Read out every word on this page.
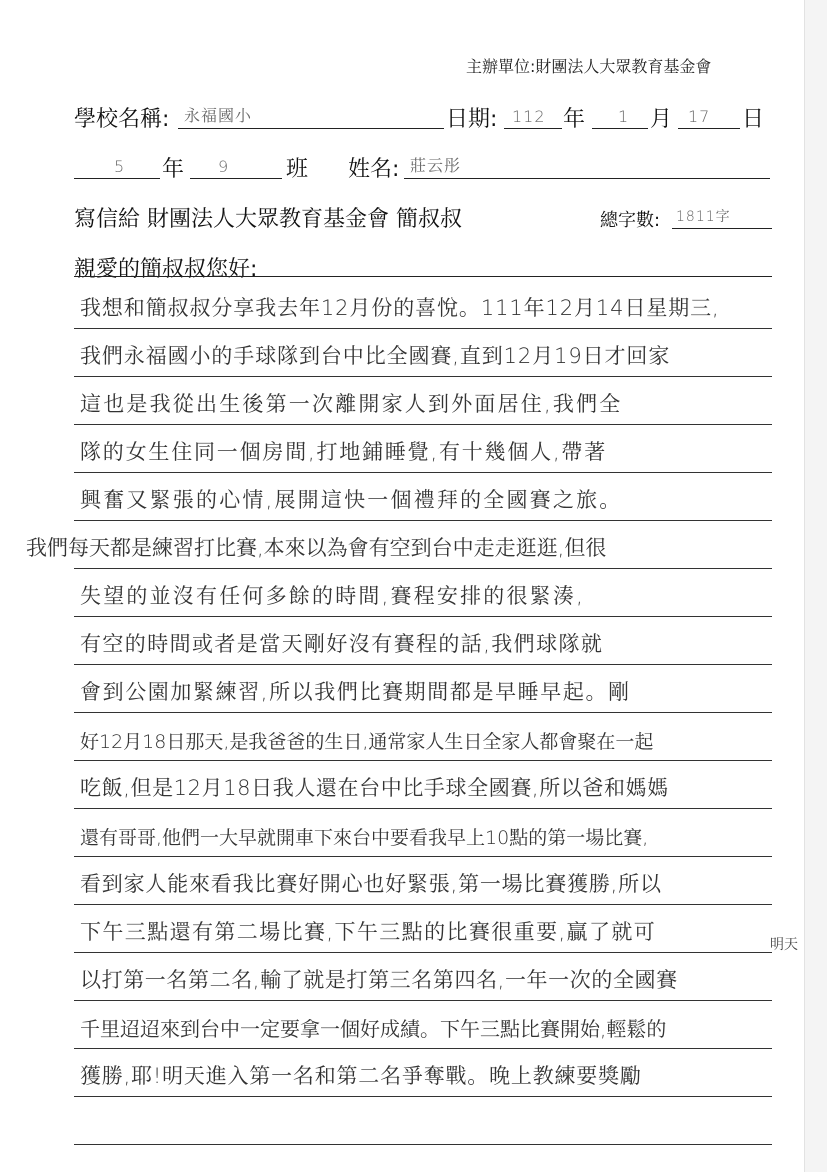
主辦單位:財團法人大眾教育基金會
學校名稱: 永福國小	日期: 112 年 1 月 17 日
5 年 9	班 姓名: 莊云彤
寫信給 財團法人大眾教育基金會 簡叔叔	總字數: 1811字
親愛的簡叔叔您好:
我想和簡叔叔分享我去年12月份的喜悅。111年12月14日星期三,
我們永福國小的手球隊到台中比全國賽,直到12月19日才回家
這也是我從出生後第一次離開家人到外面居住,我們全
隊的女生住同一個房間,打地鋪睡覺,有十幾個人,帶著
興奮又緊張的心情,展開這快一個禮拜的全國賽之旅。
我們每天都是練習打比賽,本來以為會有空到台中走走逛逛,但很
失望的並沒有任何多餘的時間,賽程安排的很緊湊,
有空的時間或者是當天剛好沒有賽程的話,我們球隊就
會到公園加緊練習,所以我們比賽期間都是早睡早起。剛
好12月18日那天,是我爸爸的生日,通常家人生日全家人都會聚在一起
吃飯,但是12月18日我人還在台中比手球全國賽,所以爸和媽媽
還有哥哥,他們一大早就開車下來台中要看我早上10點的第一場比賽,
看到家人能來看我比賽好開心也好緊張,第一場比賽獲勝,所以
下午三點還有第二場比賽,下午三點的比賽很重要,贏了就可
以打第一名第二名,輸了就是打第三名第四名,一年一次的全國賽
千里迢迢來到台中一定要拿一個好成績。下午三點比賽開始,輕鬆的
獲勝,耶!明天進入第一名和第二名爭奪戰。晚上教練要獎勵
明天
